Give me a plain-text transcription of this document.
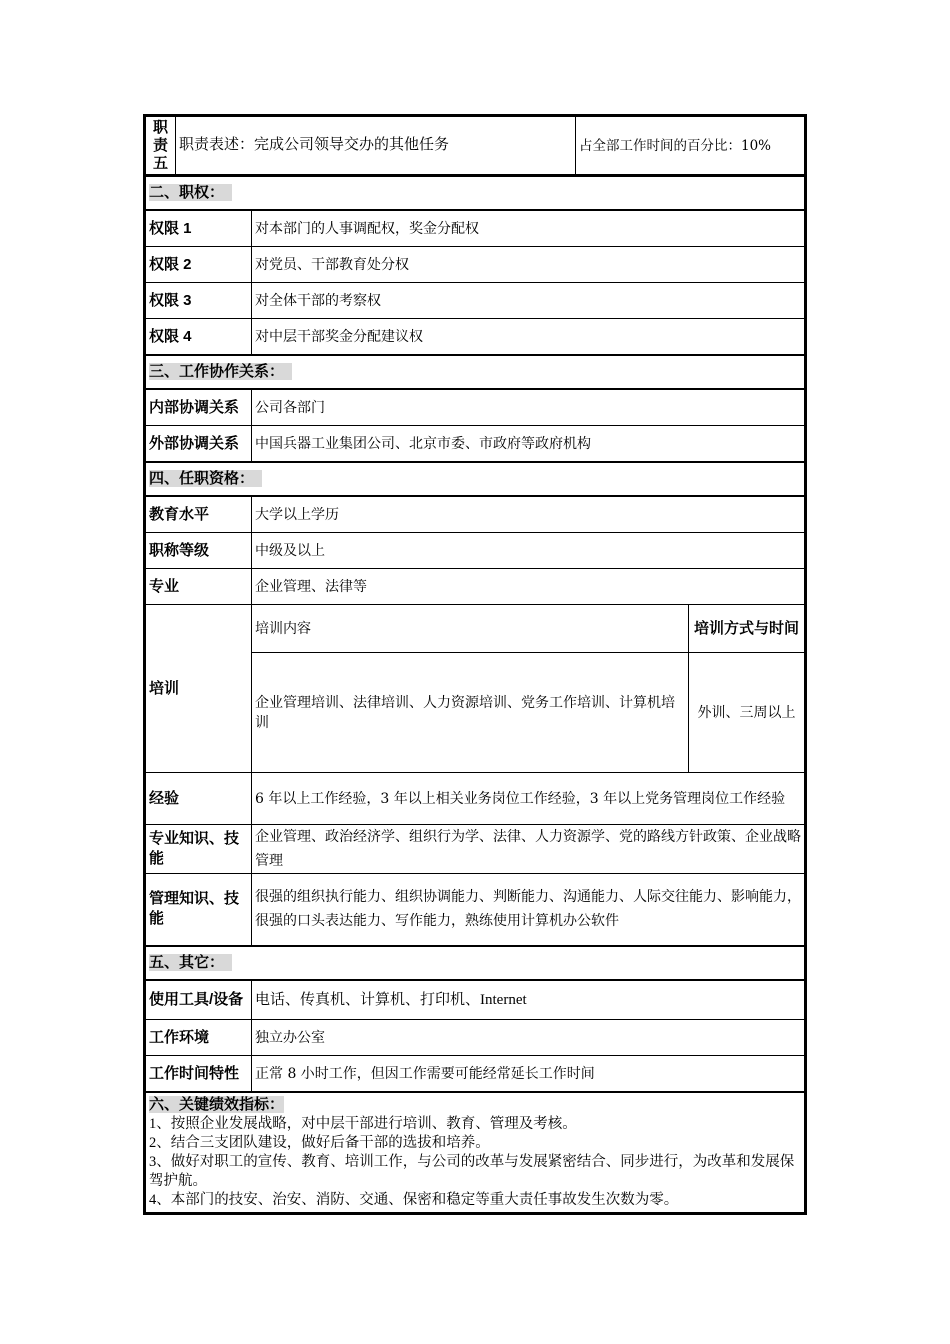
职
责
五	职责表述：完成公司领导交办的其他任务	占全部工作时间的百分比：10%
二、职权：		
权限 1	对本部门的人事调配权，奖金分配权	
权限 2	对党员、干部教育处分权	
权限 3	对全体干部的考察权	
权限 4	对中层干部奖金分配建议权	
三、工作协作关系：		
内部协调关系	公司各部门	
外部协调关系	中国兵器工业集团公司、北京市委、市政府等政府机构	
四、任职资格：		
教育水平	大学以上学历	
职称等级	中级及以上	
专业	企业管理、法律等	
培训	培训内容	培训方式与时间
	企业管理培训、法律培训、人力资源培训、党务工作培训、计算机培训	外训、三周以上
经验	6 年以上工作经验，3 年以上相关业务岗位工作经验，3 年以上党务管理岗位工作经验	
专业知识、技能	企业管理、政治经济学、组织行为学、法律、人力资源学、党的路线方针政策、企业战略管理	
管理知识、技能	很强的组织执行能力、组织协调能力、判断能力、沟通能力、人际交往能力、影响能力，很强的口头表达能力、写作能力，熟练使用计算机办公软件	
五、其它：		
使用工具/设备	电话、传真机、计算机、打印机、Internet	
工作环境	独立办公室	
工作时间特性	正常 8 小时工作，但因工作需要可能经常延长工作时间	

六、关键绩效指标：
1、按照企业发展战略，对中层干部进行培训、教育、管理及考核。
2、结合三支团队建设，做好后备干部的选拔和培养。
3、做好对职工的宣传、教育、培训工作，与公司的改革与发展紧密结合、同步进行，为改革和发展保驾护航。
4、本部门的技安、治安、消防、交通、保密和稳定等重大责任事故发生次数为零。		
